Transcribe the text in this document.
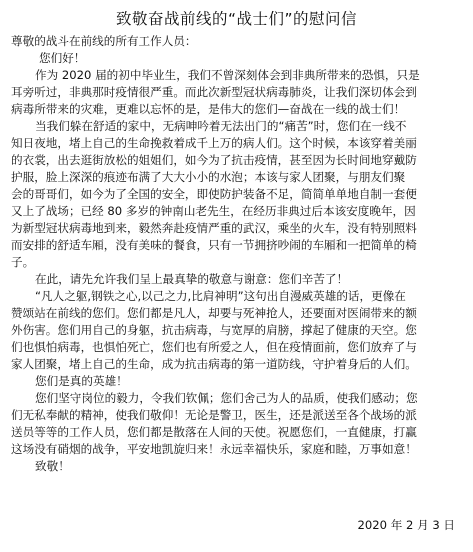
致敬奋战前线的“战士们”的慰问信
尊敬的战斗在前线的所有工作人员：
您们好！
作为 2020 届的初中毕业生，我们不曾深刻体会到非典所带来的恐惧，只是
耳旁听过，非典那时疫情很严重。而此次新型冠状病毒肺炎，让我们深切体会到
病毒所带来的灾难，更难以忘怀的是，是伟大的您们—奋战在一线的战士们！
当我们躲在舒适的家中，无病呻吟着无法出门的“痛苦”时，您们在一线不
知日夜地，堵上自己的生命挽救着成千上万的病人们。这个时候，本该穿着美丽
的衣裳，出去逛街放松的姐姐们，如今为了抗击疫情，甚至因为长时间地穿戴防
护服，脸上深深的痕迹布满了大大小小的水泡；本该与家人团聚，与朋友们聚
会的哥哥们，如今为了全国的安全，即使防护装备不足，简简单单地自制一套便
又上了战场；已经 80 多岁的钟南山老先生，在经历非典过后本该安度晚年，因
为新型冠状病毒地到来，毅然奔赴疫情严重的武汉，乘坐的火车，没有特别照料
而安排的舒适车厢，没有美味的餐食，只有一节拥挤吵闹的车厢和一把简单的椅
子。
在此，请先允许我们呈上最真挚的敬意与谢意：您们辛苦了！
“凡人之躯,钢铁之心,以己之力,比肩神明”这句出自漫威英雄的话，更像在
赞颂站在前线的您们。您们都是凡人，却要与死神抢人，还要面对医闹带来的额
外伤害。您们用自己的身躯，抗击病毒，与宽厚的肩膀，撑起了健康的天空。您
们也惧怕病毒，也惧怕死亡，您们也有所爱之人，但在疫情面前，您们放弃了与
家人团聚，堵上自己的生命，成为抗击病毒的第一道防线，守护着身后的人们。
您们是真的英雄！
您们坚守岗位的毅力，令我们钦佩；您们舍己为人的品质，使我们感动；您
们无私奉献的精神，使我们敬仰！无论是警卫，医生，还是派送至各个战场的派
送员等等的工作人员，您们都是散落在人间的天使。祝愿您们，一直健康，打赢
这场没有硝烟的战争，平安地凯旋归来！永远幸福快乐，家庭和睦，万事如意！
致敬！
2020 年 2 月 3 日
